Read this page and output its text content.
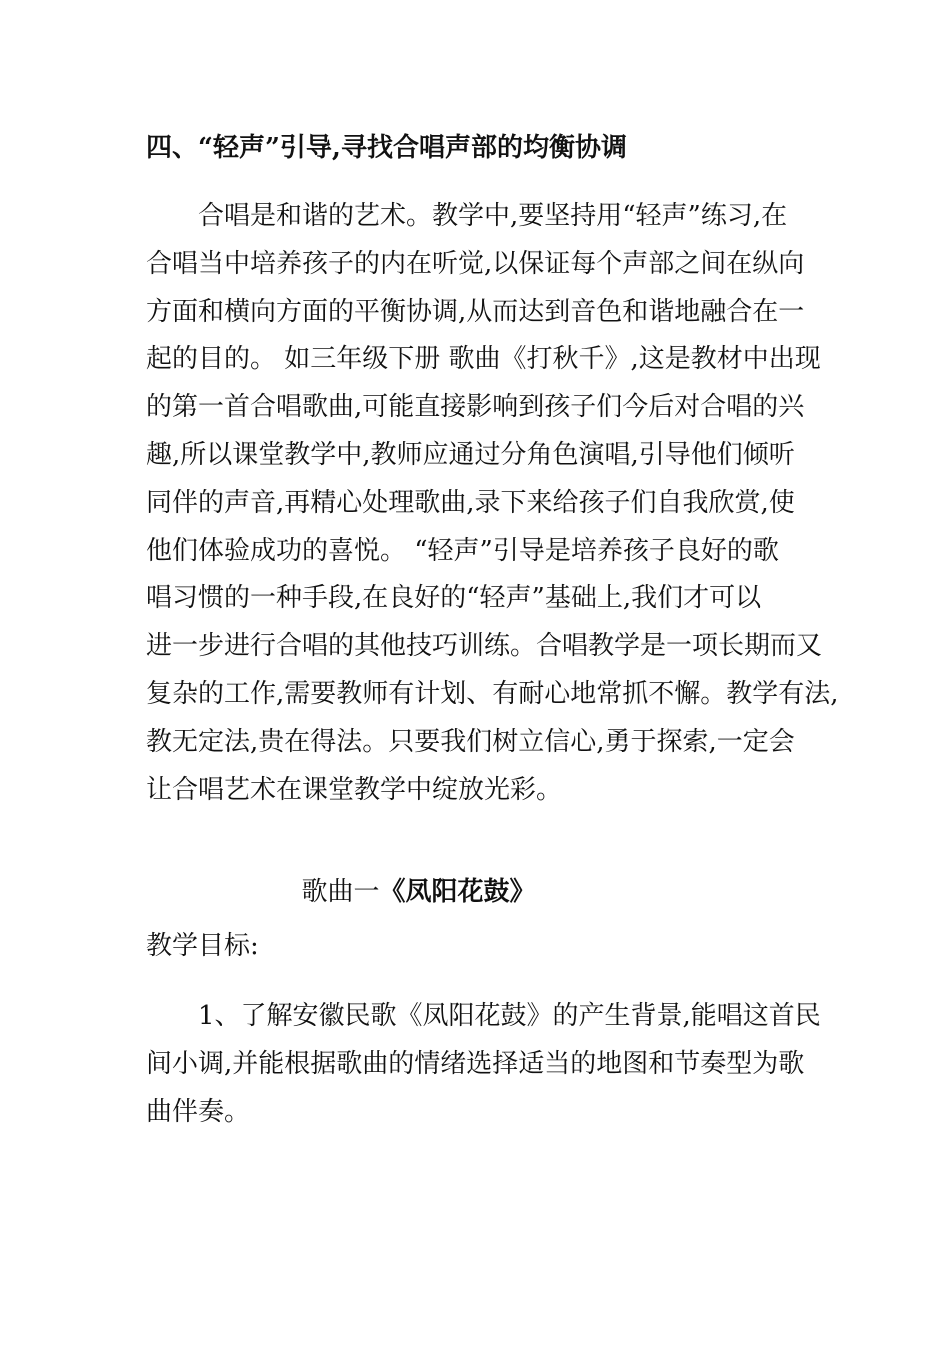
四、“轻声”引导,寻找合唱声部的均衡协调
合唱是和谐的艺术。教学中,要坚持用“轻声”练习,在
合唱当中培养孩子的内在听觉,以保证每个声部之间在纵向
方面和横向方面的平衡协调,从而达到音色和谐地融合在一
起的目的。 如三年级下册 歌曲《打秋千》,这是教材中出现
的第一首合唱歌曲,可能直接影响到孩子们今后对合唱的兴
趣,所以课堂教学中,教师应通过分角色演唱,引导他们倾听
同伴的声音,再精心处理歌曲,录下来给孩子们自我欣赏,使
他们体验成功的喜悦。 “轻声”引导是培养孩子良好的歌
唱习惯的一种手段,在良好的“轻声”基础上,我们才可以
进一步进行合唱的其他技巧训练。合唱教学是一项长期而又
复杂的工作,需要教师有计划、有耐心地常抓不懈。教学有法,
教无定法,贵在得法。只要我们树立信心,勇于探索,一定会
让合唱艺术在课堂教学中绽放光彩。
歌曲一《凤阳花鼓》
教学目标:
1、了解安徽民歌《凤阳花鼓》的产生背景,能唱这首民
间小调,并能根据歌曲的情绪选择适当的地图和节奏型为歌
曲伴奏。
